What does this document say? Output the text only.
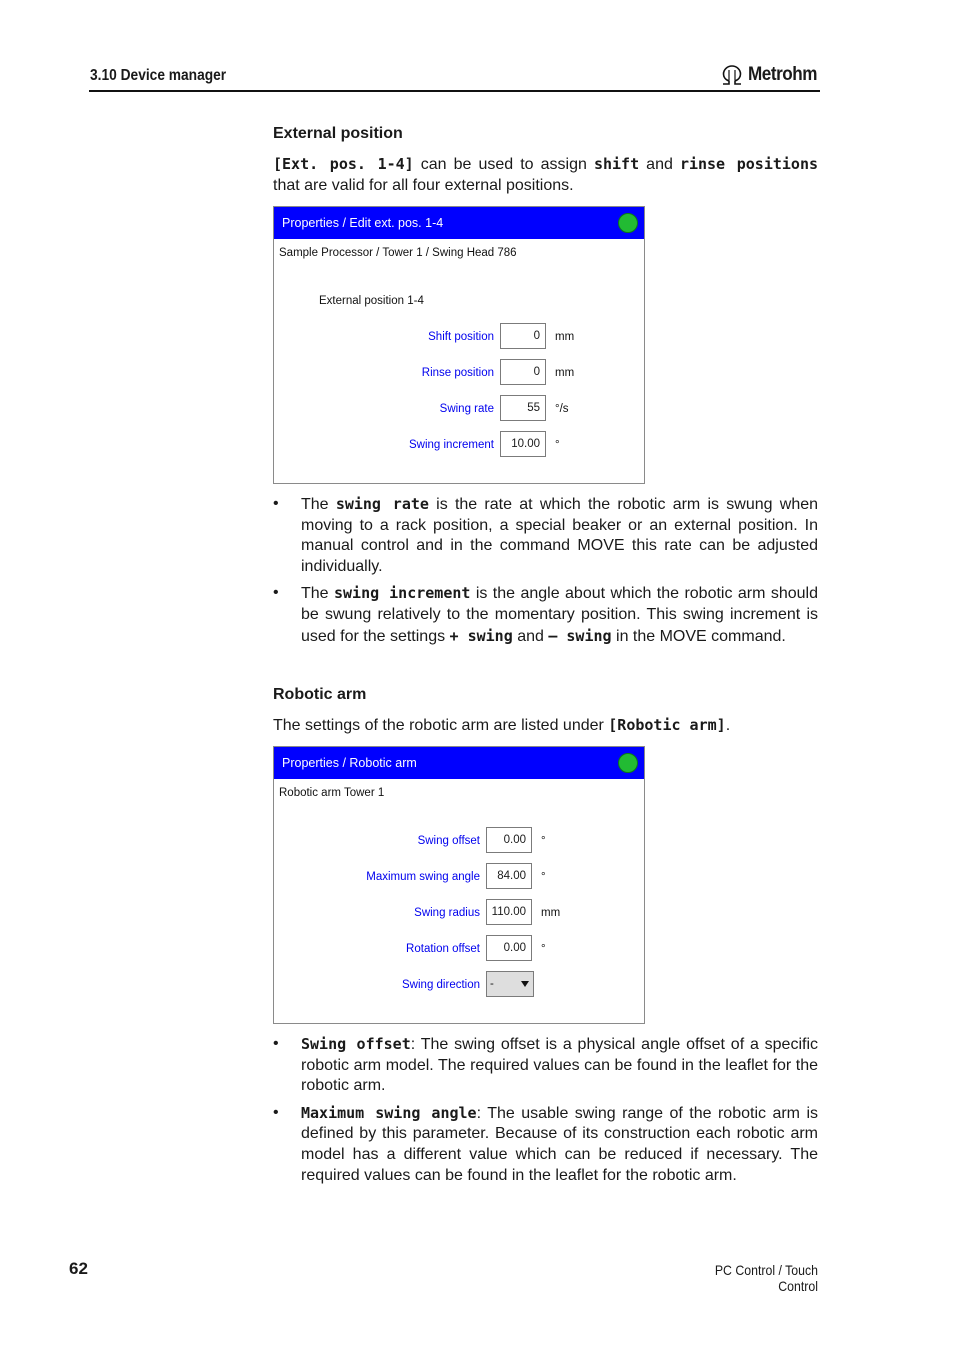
3.10 Device manager	Metrohm
External position
[Ext. pos. 1-4] can be used to assign shift and rinse positions that are valid for all four external positions.
Properties / Edit ext. pos. 1-4
Sample Processor / Tower 1 / Swing Head 786
External position 1-4
Shift position	0	mm
Rinse position	0	mm
Swing rate	55	°/s
Swing increment	10.00	°
• The swing rate is the rate at which the robotic arm is swung when moving to a rack position, a special beaker or an external position. In manual control and in the command MOVE this rate can be adjusted individually.
• The swing increment is the angle about which the robotic arm should be swung relatively to the momentary position. This swing increment is used for the settings + swing and — swing in the MOVE command.
Robotic arm
The settings of the robotic arm are listed under [Robotic arm].
Properties / Robotic arm
Robotic arm Tower 1
Swing offset	0.00	°
Maximum swing angle	84.00	°
Swing radius	110.00	mm
Rotation offset	0.00	°
Swing direction -
• Swing offset: The swing offset is a physical angle offset of a specific robotic arm model. The required values can be found in the leaflet for the robotic arm.
• Maximum swing angle: The usable swing range of the robotic arm is defined by this parameter. Because of its construction each robotic arm model has a different value which can be reduced if necessary. The required values can be found in the leaflet for the robotic arm.
62	PC Control / Touch Control
